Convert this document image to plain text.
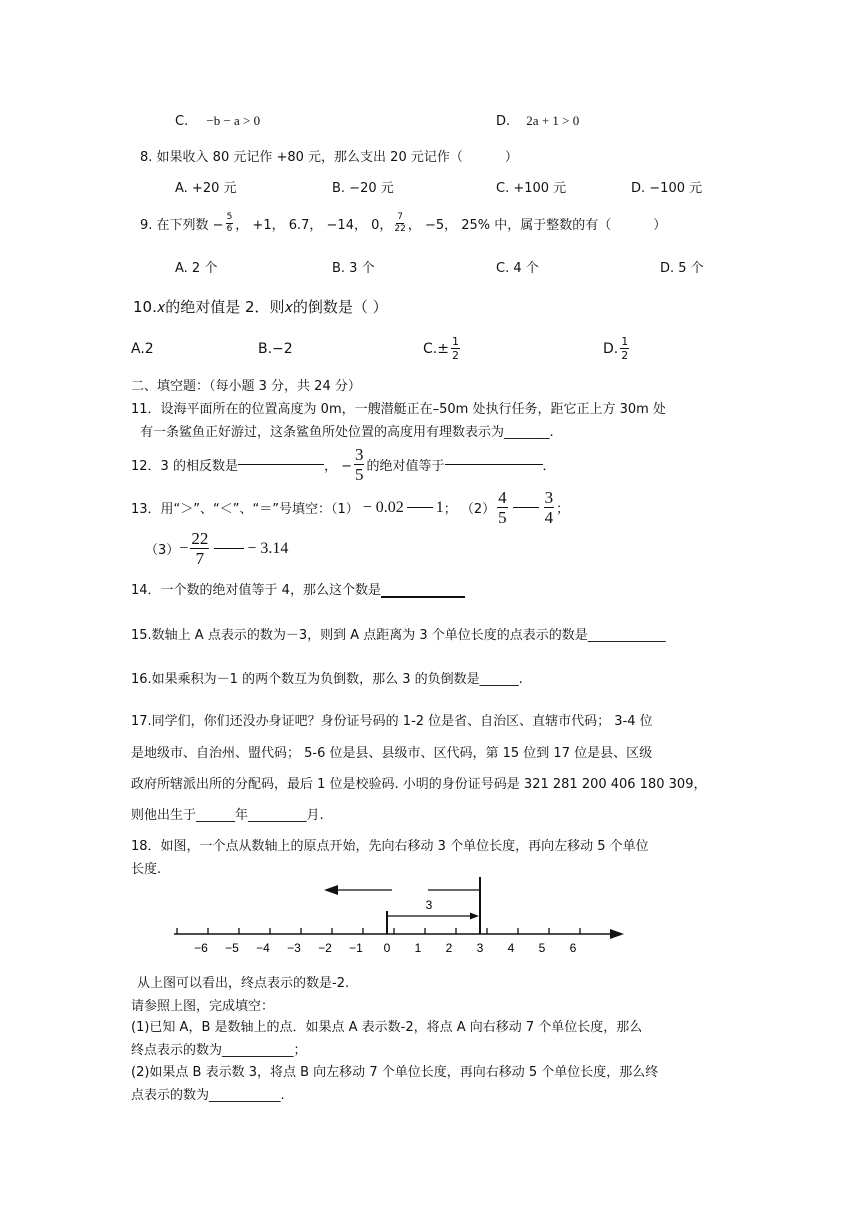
C. −b − a > 0	D. 2a + 1 > 0
8. 如果收入 80 元记作 +80 元，那么支出 20 元记作（	）
A. +20 元	B. −20 元	C. +100 元	D. −100 元
9. 在下列数 − $\frac{5}{6}$ ， +1， 6.7， −14， 0， $\frac{7}{22}$ ， −5， 25% 中，属于整数的有（	）
A. 2 个	B. 3 个	C. 4 个	D. 5 个
10.𝑥的绝对值是 2．则𝑥的倒数是（ ）
A.2	B.−2	$C.\pm \frac{1}{2}$	D. $\frac{1}{2}$
二、填空题：（每小题 3 分，共 24 分）
11．设海平面所在的位置高度为 0m，一艘潜艇正在–50m 处执行任务，距它正上方 30m 处
有一条鲨鱼正好游过，这条鲨鱼所处位置的高度用有理数表示为_______.
12．3 的相反数是	， − $\frac{3}{5}$ 的绝对值等于	．
13．用“＞”、“＜”、“＝”号填空：（1） − 0.02 1 ； $(2) \frac{4}{5} \frac{3}{4}$ ；
$(3) - \frac{22}{7} - 3.14$
14．一个数的绝对值等于 4，那么这个数是
15.数轴上 A 点表示的数为－3，则到 A 点距离为 3 个单位长度的点表示的数是____________
16.如果乘积为－1 的两个数互为负倒数，那么 3 的负倒数是______.
17.同学们，你们还没办身证吧？身份证号码的 1-2 位是省、自治区、直辖市代码； 3-4 位
是地级市、自治州、盟代码； 5-6 位是县、县级市、区代码，第 15 位到 17 位是县、区级
政府所辖派出所的分配码，最后 1 位是校验码. 小明的身份证号码是 321 281 200 406 180 309，
则他出生于______年_________月.
18．如图，一个点从数轴上的原点开始，先向右移动 3 个单位长度，再向左移动 5 个单位
长度.
−6 −5 −4 −3 −2 −1 0 1 2 3 4 5 6
3
从上图可以看出，终点表示的数是-2.
请参照上图，完成填空：
(1)已知 A，B 是数轴上的点．如果点 A 表示数-2，将点 A 向右移动 7 个单位长度，那么
终点表示的数为___________；
(2)如果点 B 表示数 3，将点 B 向左移动 7 个单位长度，再向右移动 5 个单位长度，那么终
点表示的数为___________.
